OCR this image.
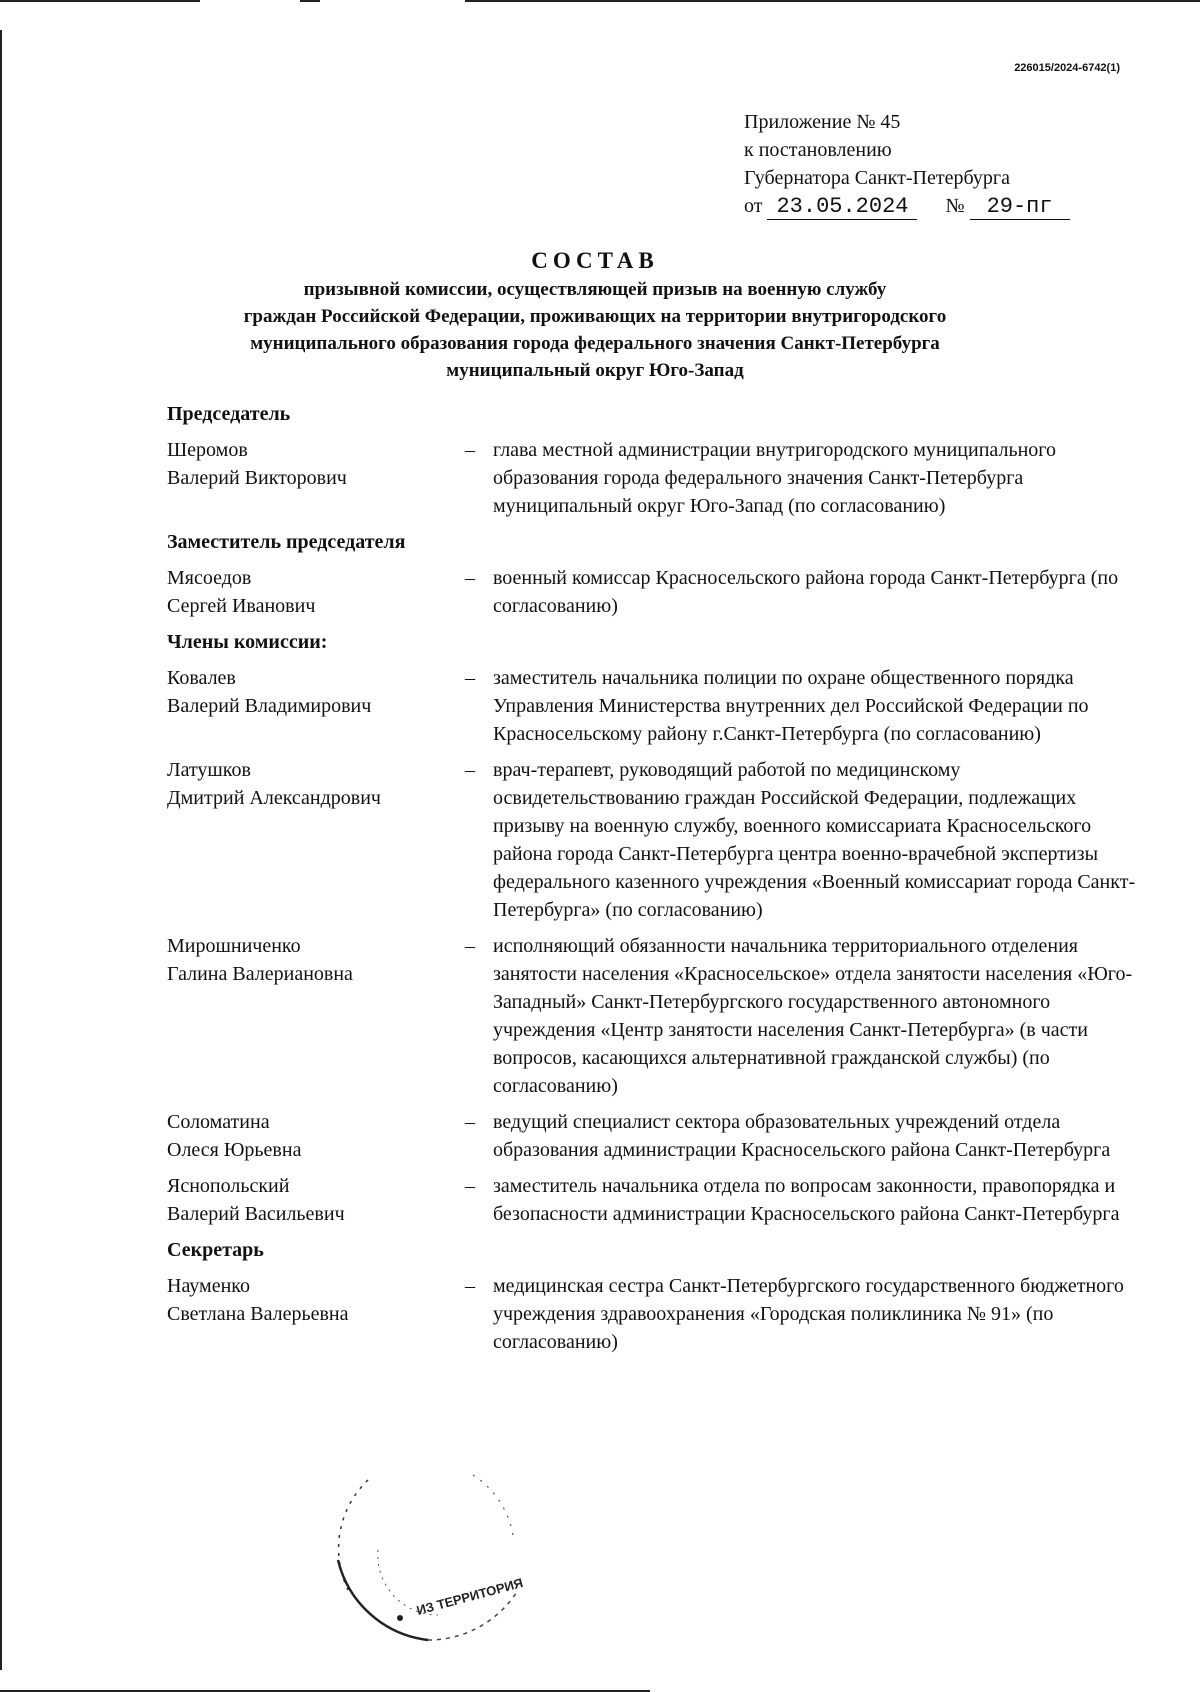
226015/2024-6742(1)
Приложение № 45
к постановлению
Губернатора Санкт-Петербурга
от 23.05.2024 № 29-пг
СОСТАВ
призывной комиссии, осуществляющей призыв на военную службу
граждан Российской Федерации, проживающих на территории внутригородского
муниципального образования города федерального значения Санкт-Петербурга
муниципальный округ Юго-Запад
Председатель
Шеромов
Валерий Викторович
– глава местной администрации внутригородского муниципального образования города федерального значения Санкт-Петербурга муниципальный округ Юго-Запад (по согласованию)
Заместитель председателя
Мясоедов
Сергей Иванович
– военный комиссар Красносельского района города Санкт-Петербурга (по согласованию)
Члены комиссии:
Ковалев
Валерий Владимирович
– заместитель начальника полиции по охране общественного порядка Управления Министерства внутренних дел Российской Федерации по Красносельскому району г.Санкт-Петербурга (по согласованию)
Латушков
Дмитрий Александрович
– врач-терапевт, руководящий работой по медицинскому освидетельствованию граждан Российской Федерации, подлежащих призыву на военную службу, военного комиссариата Красносельского района города Санкт-Петербурга центра военно-врачебной экспертизы федерального казенного учреждения «Военный комиссариат города Санкт-Петербурга» (по согласованию)
Мирошниченко
Галина Валериановна
– исполняющий обязанности начальника территориального отделения занятости населения «Красносельское» отдела занятости населения «Юго-Западный» Санкт-Петербургского государственного автономного учреждения «Центр занятости населения Санкт-Петербурга» (в части вопросов, касающихся альтернативной гражданской службы) (по согласованию)
Соломатина
Олеся Юрьевна
– ведущий специалист сектора образовательных учреждений отдела образования администрации Красносельского района Санкт-Петербурга
Яснопольский
Валерий Васильевич
– заместитель начальника отдела по вопросам законности, правопорядка и безопасности администрации Красносельского района Санкт-Петербурга
Секретарь
Науменко
Светлана Валерьевна
– медицинская сестра Санкт-Петербургского государственного бюджетного учреждения здравоохранения «Городская поликлиника № 91» (по согласованию)
ИЗ ТЕРРИТОРИЯ
